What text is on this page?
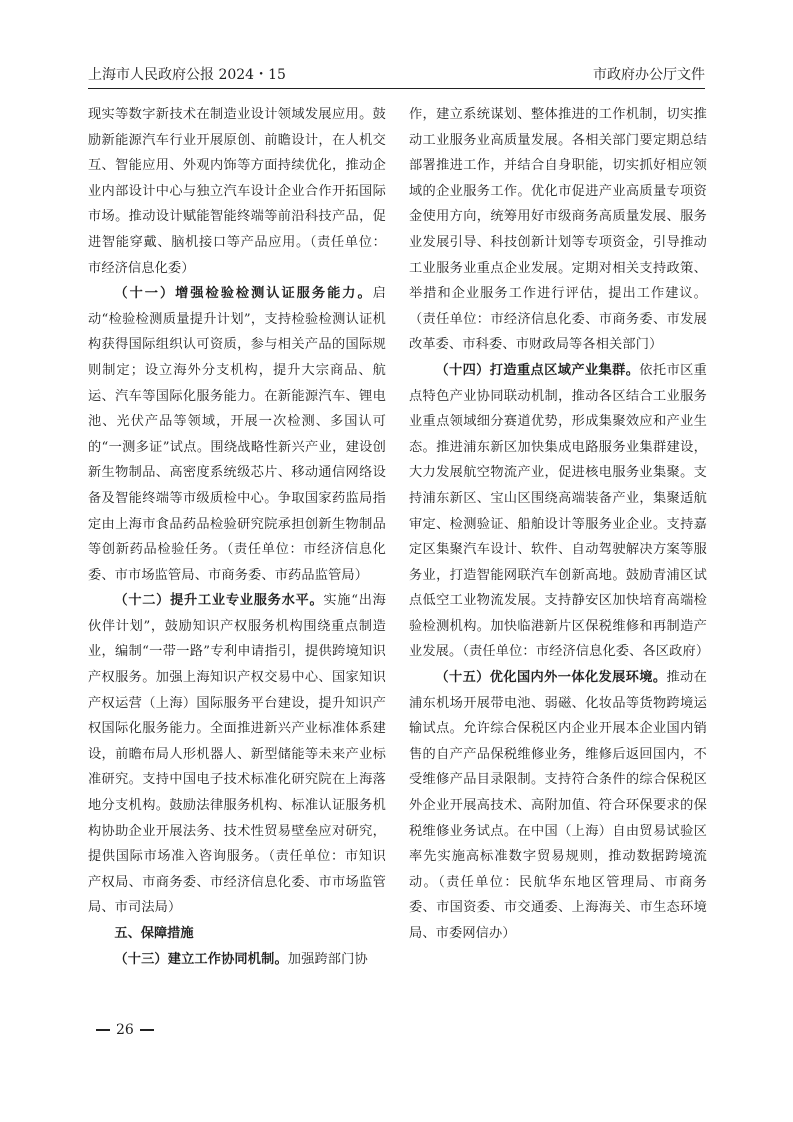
上海市人民政府公报 2024・15	市政府办公厅文件

现实等数字新技术在制造业设计领域发展应用。鼓励新能源汽车行业开展原创、前瞻设计，在人机交互、智能应用、外观内饰等方面持续优化，推动企业内部设计中心与独立汽车设计企业合作开拓国际市场。推动设计赋能智能终端等前沿科技产品，促进智能穿戴、脑机接口等产品应用。（责任单位：市经济信息化委）

（十一）增强检验检测认证服务能力。启动“检验检测质量提升计划”，支持检验检测认证机构获得国际组织认可资质，参与相关产品的国际规则制定；设立海外分支机构，提升大宗商品、航运、汽车等国际化服务能力。在新能源汽车、锂电池、光伏产品等领域，开展一次检测、多国认可的“一测多证”试点。围绕战略性新兴产业，建设创新生物制品、高密度系统级芯片、移动通信网络设备及智能终端等市级质检中心。争取国家药监局指定由上海市食品药品检验研究院承担创新生物制品等创新药品检验任务。（责任单位：市经济信息化委、市市场监管局、市商务委、市药品监管局）

（十二）提升工业专业服务水平。实施“出海伙伴计划”，鼓励知识产权服务机构围绕重点制造业，编制“一带一路”专利申请指引，提供跨境知识产权服务。加强上海知识产权交易中心、国家知识产权运营（上海）国际服务平台建设，提升知识产权国际化服务能力。全面推进新兴产业标准体系建设，前瞻布局人形机器人、新型储能等未来产业标准研究。支持中国电子技术标准化研究院在上海落地分支机构。鼓励法律服务机构、标准认证服务机构协助企业开展法务、技术性贸易壁垒应对研究，提供国际市场准入咨询服务。（责任单位：市知识产权局、市商务委、市经济信息化委、市市场监管局、市司法局）

五、保障措施

（十三）建立工作协同机制。加强跨部门协

作，建立系统谋划、整体推进的工作机制，切实推动工业服务业高质量发展。各相关部门要定期总结部署推进工作，并结合自身职能，切实抓好相应领域的企业服务工作。优化市促进产业高质量专项资金使用方向，统筹用好市级商务高质量发展、服务业发展引导、科技创新计划等专项资金，引导推动工业服务业重点企业发展。定期对相关支持政策、举措和企业服务工作进行评估，提出工作建议。（责任单位：市经济信息化委、市商务委、市发展改革委、市科委、市财政局等各相关部门）

（十四）打造重点区域产业集群。依托市区重点特色产业协同联动机制，推动各区结合工业服务业重点领域细分赛道优势，形成集聚效应和产业生态。推进浦东新区加快集成电路服务业集群建设，大力发展航空物流产业，促进核电服务业集聚。支持浦东新区、宝山区围绕高端装备产业，集聚适航审定、检测验证、船舶设计等服务业企业。支持嘉定区集聚汽车设计、软件、自动驾驶解决方案等服务业，打造智能网联汽车创新高地。鼓励青浦区试点低空工业物流发展。支持静安区加快培育高端检验检测机构。加快临港新片区保税维修和再制造产业发展。（责任单位：市经济信息化委、各区政府）

（十五）优化国内外一体化发展环境。推动在浦东机场开展带电池、弱磁、化妆品等货物跨境运输试点。允许综合保税区内企业开展本企业国内销售的自产产品保税维修业务，维修后返回国内，不受维修产品目录限制。支持符合条件的综合保税区外企业开展高技术、高附加值、符合环保要求的保税维修业务试点。在中国（上海）自由贸易试验区率先实施高标准数字贸易规则，推动数据跨境流动。（责任单位：民航华东地区管理局、市商务委、市国资委、市交通委、上海海关、市生态环境局、市委网信办）

26
